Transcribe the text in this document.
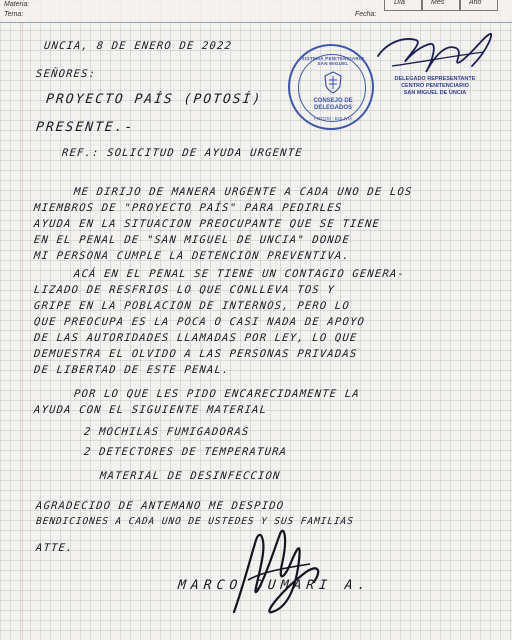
Materia:
Tema:	Fecha:
Día	Mes	Año
UNCIA, 8 DE ENERO DE 2022
SEÑORES:
PROYECTO PAÍS (POTOSÍ)
PRESENTE.-
REF.: SOLICITUD DE AYUDA URGENTE
ME DIRIJO DE MANERA URGENTE A CADA UNO DE LOS
MIEMBROS DE "PROYECTO PAÍS" PARA PEDIRLES
AYUDA EN LA SITUACION PREOCUPANTE QUE SE TIENE
EN EL PENAL DE "SAN MIGUEL DE UNCIA" DONDE
MI PERSONA CUMPLE LA DETENCION PREVENTIVA.
ACÁ EN EL PENAL SE TIENE UN CONTAGIO GENERA-
LIZADO DE RESFRIOS LO QUE CONLLEVA TOS Y
GRIPE EN LA POBLACION DE INTERNOS, PERO LO
QUE PREOCUPA ES LA POCA O CASI NADA DE APOYO
DE LAS AUTORIDADES LLAMADAS POR LEY, LO QUE
DEMUESTRA EL OLVIDO A LAS PERSONAS PRIVADAS
DE LIBERTAD DE ESTE PENAL.
POR LO QUE LES PIDO ENCARECIDAMENTE LA
AYUDA CON EL SIGUIENTE MATERIAL
2 MOCHILAS FUMIGADORAS
2 DETECTORES DE TEMPERATURA
MATERIAL DE DESINFECCION
AGRADECIDO DE ANTEMANO ME DESPIDO
BENDICIONES A CADA UNO DE USTEDES Y SUS FAMILIAS
ATTE.
MARCO DUMARI A.
SISTEMA PENITENCIARIO SAN MIGUEL
CONSEJO DE DELEGADOS
POTOSÍ - BOLIVIA
DELEGADO REPRESENTANTE
CENTRO PENITENCIARIO
SAN MIGUEL DE UNCIA
